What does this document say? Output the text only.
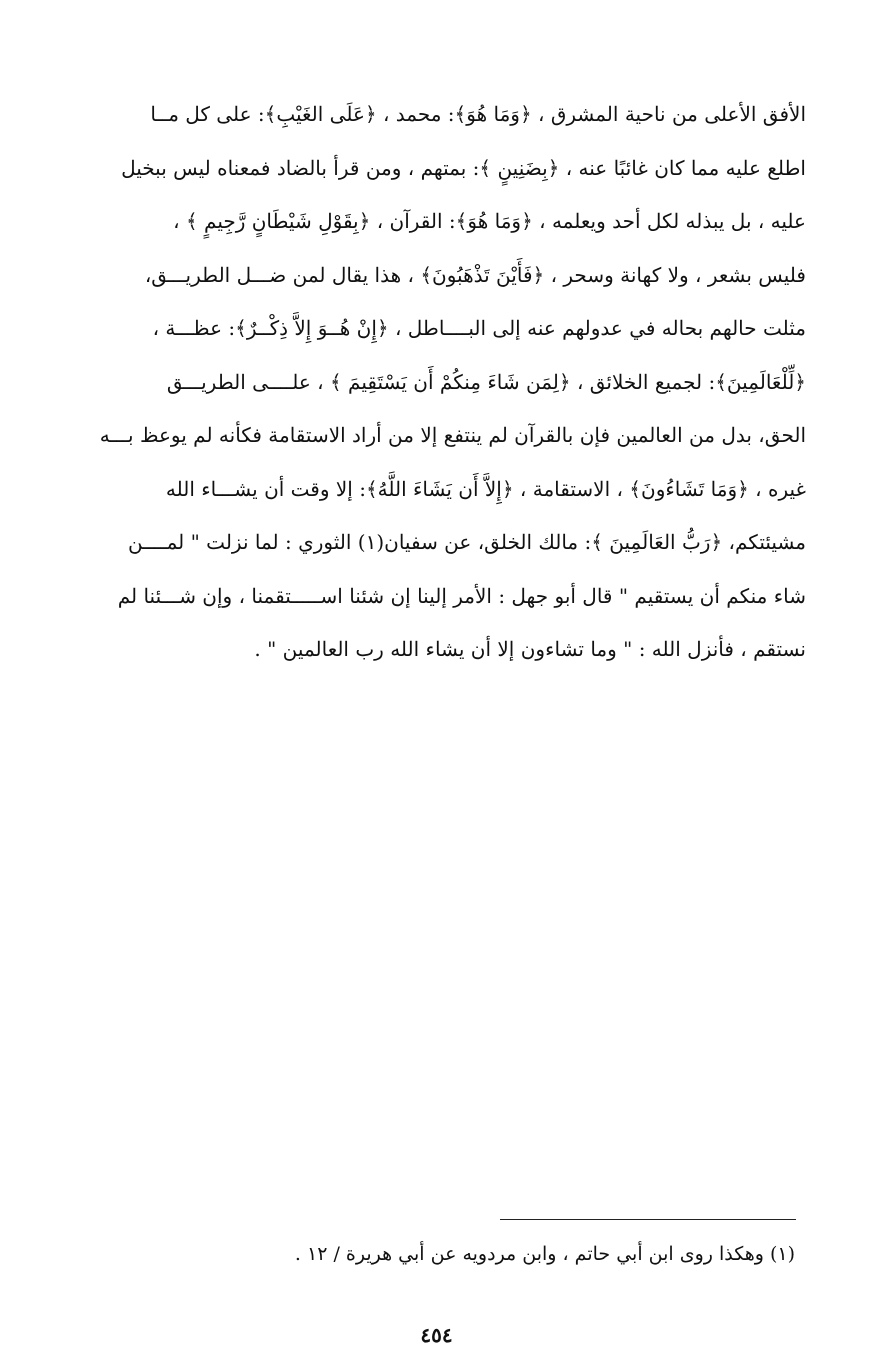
الأفق الأعلى من ناحية المشرق ، ﴿وَمَا هُوَ﴾: محمد ، ﴿عَلَى الغَيْبِ﴾: على كل مــا
اطلع عليه مما كان غائبًا عنه ، ﴿بِضَنِينٍ ﴾: بمتهم ، ومن قرأ بالضاد فمعناه ليس ببخيل
عليه ، بل يبذله لكل أحد ويعلمه ، ﴿وَمَا هُوَ﴾: القرآن ، ﴿بِقَوْلِ شَيْطَانٍ رَّجِيمٍ ﴾ ،
فليس بشعر ، ولا كهانة وسحر ، ﴿فَأَيْنَ تَذْهَبُونَ﴾ ، هذا يقال لمن ضـــل الطريـــق،
مثلت حالهم بحاله في عدولهم عنه إلى البــــاطل ، ﴿إِنْ هُــوَ إِلاَّ ذِكْــرٌ﴾: عظـــة ،
﴿لِّلْعَالَمِينَ﴾: لجميع الخلائق ، ﴿لِمَن شَاءَ مِنكُمْ أَن يَسْتَقِيمَ ﴾ ، علــــى الطريـــق
الحق، بدل من العالمين فإن بالقرآن لم ينتفع إلا من أراد الاستقامة فكأنه لم يوعظ بـــه
غيره ، ﴿وَمَا تَشَاءُونَ﴾ ، الاستقامة ، ﴿إِلاَّ أَن يَشَاءَ اللَّهُ﴾: إلا وقت أن يشـــاء الله
مشيئتكم، ﴿رَبُّ العَالَمِينَ ﴾: مالك الخلق، عن سفيان(١) الثوري : لما نزلت " لمــــن
شاء منكم أن يستقيم " قال أبو جهل : الأمر إلينا إن شئنا اســـــتقمنا ، وإن شـــئنا لم
نستقم ، فأنزل الله : " وما تشاءون إلا أن يشاء الله رب العالمين " .
(١) وهكذا روى ابن أبي حاتم ، وابن مردويه عن أبي هريرة / ١٢ .
٤٥٤
